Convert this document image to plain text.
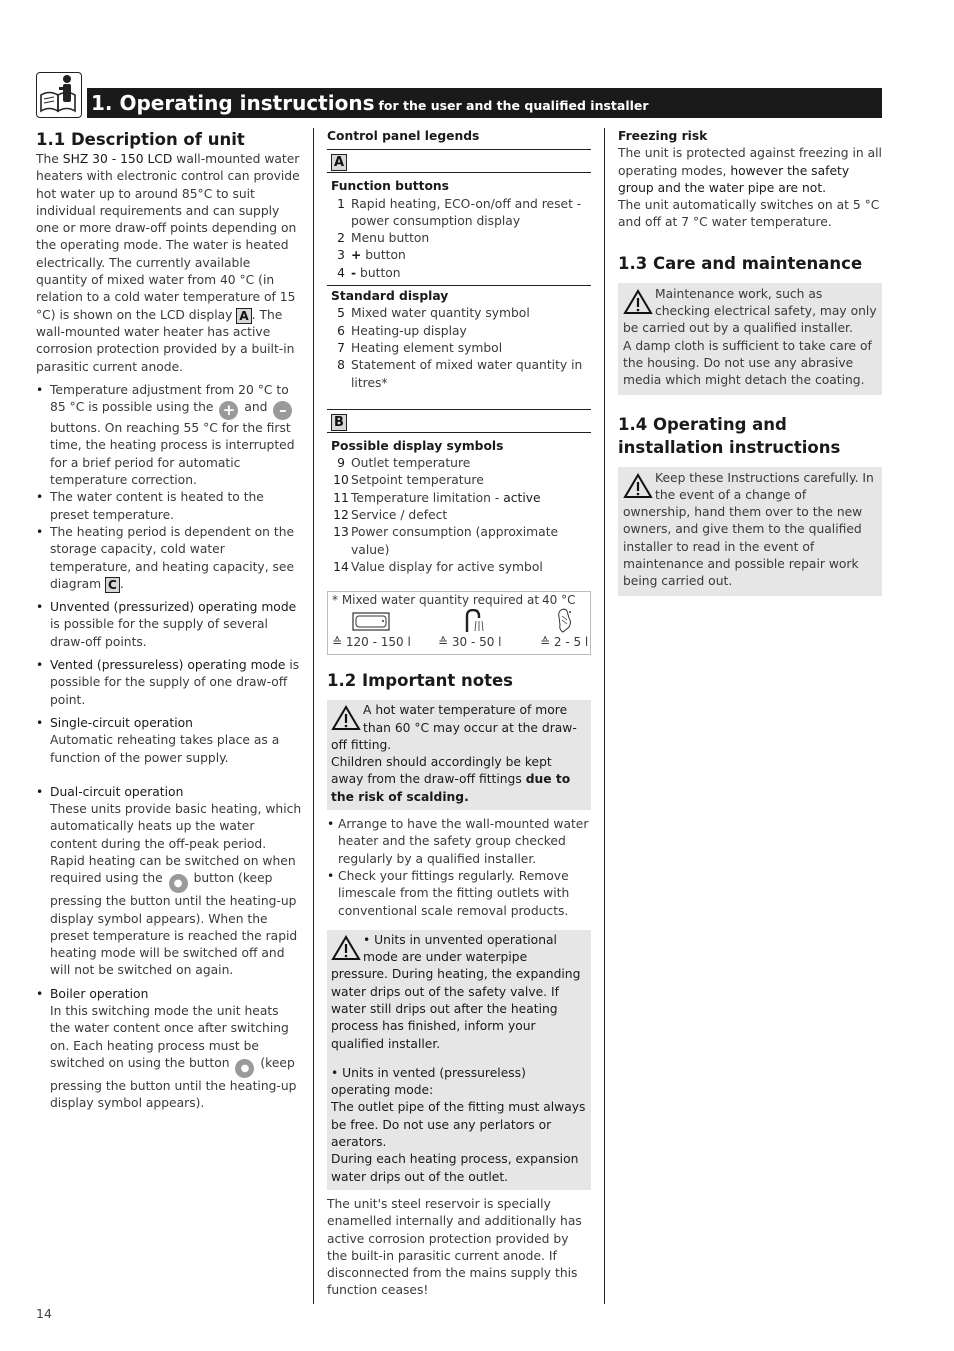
1. Operating instructions for the user and the qualified installer
1.1 Description of unit

The SHZ 30 - 150 LCD wall-mounted water heaters with electronic control can provide hot water up to around 85°C to suit individual requirements and can supply one or more draw-off points depending on the operating mode. The water is heated electrically. The currently available quantity of mixed water from 40 °C (in relation to a cold water temperature of 15 °C) is shown on the LCD display A . The wall-mounted water heater has active corrosion protection provided by a built-in parasitic current anode.

• Temperature adjustment from 20 °C to 85 °C is possible using the + and – buttons. On reaching 55 °C for the first time, the heating process is interrupted for a brief period for automatic temperature correction.
• The water content is heated to the preset temperature.
• The heating period is dependent on the storage capacity, cold water temperature, and heating capacity, see diagram C .
• Unvented (pressurized) operating mode
is possible for the supply of several draw-off points.
• Vented (pressureless) operating mode is possible for the supply of one draw-off point.
• Single-circuit operation
Automatic reheating takes place as a function of the power supply.
• Dual-circuit operation
These units provide basic heating, which automatically heats up the water content during the off-peak period.
Rapid heating can be switched on when required using the ● button (keep pressing the button until the heating-up display symbol appears). When the preset temperature is reached the rapid heating mode will be switched off and will not be switched on again.
• Boiler operation
In this switching mode the unit heats the water content once after switching on. Each heating process must be switched on using the button ● (keep pressing the button until the heating-up display symbol appears).
Control panel legends
A
Function buttons
1 Rapid heating, ECO-on/off and reset - power consumption display
2 Menu button
3 + button
4 - button
Standard display
5 Mixed water quantity symbol
6 Heating-up display
7 Heating element symbol
8 Statement of mixed water quantity in litres*
B
Possible display symbols
9 Outlet temperature
10 Setpoint temperature
11 Temperature limitation - active
12 Service / defect
13 Power consumption (approximate value)
14 Value display for active symbol
* Mixed water quantity required at 40 °C
≙ 120 - 150 l ≙ 30 - 50 l	≙ 2 - 5 l
1.2 Important notes
A hot water temperature of more than 60 °C may occur at the draw-off fitting.
Children should accordingly be kept away from the draw-off fittings due to the risk of scalding.
• Arrange to have the wall-mounted water heater and the safety group checked regularly by a qualified installer.
• Check your fittings regularly. Remove limescale from the fitting outlets with conventional scale removal products.
• Units in unvented operational mode are under waterpipe pressure. During heating, the expanding water drips out of the safety valve. If water still drips out after the heating process has finished, inform your qualified installer.
• Units in vented (pressureless) operating mode:
The outlet pipe of the fitting must always be free. Do not use any perlators or aerators.
During each heating process, expansion water drips out of the outlet.

The unit's steel reservoir is specially enamelled internally and additionally has active corrosion protection provided by the built-in parasitic current anode. If disconnected from the mains supply this function ceases!

Freezing risk

The unit is protected against freezing in all operating modes, however the safety group and the water pipe are not.

The unit automatically switches on at 5 °C and off at 7 °C water temperature.

1.3 Care and maintenance
Maintenance work, such as checking electrical safety, may only be carried out by a qualified installer.
A damp cloth is sufficient to take care of the housing. Do not use any abrasive media which might detach the coating.
1.4 Operating and
installation instructions
Keep these Instructions carefully. In the event of a change of ownership, hand them over to the new owners, and give them to the qualified installer to read in the event of maintenance and possible repair work being carried out.
14
